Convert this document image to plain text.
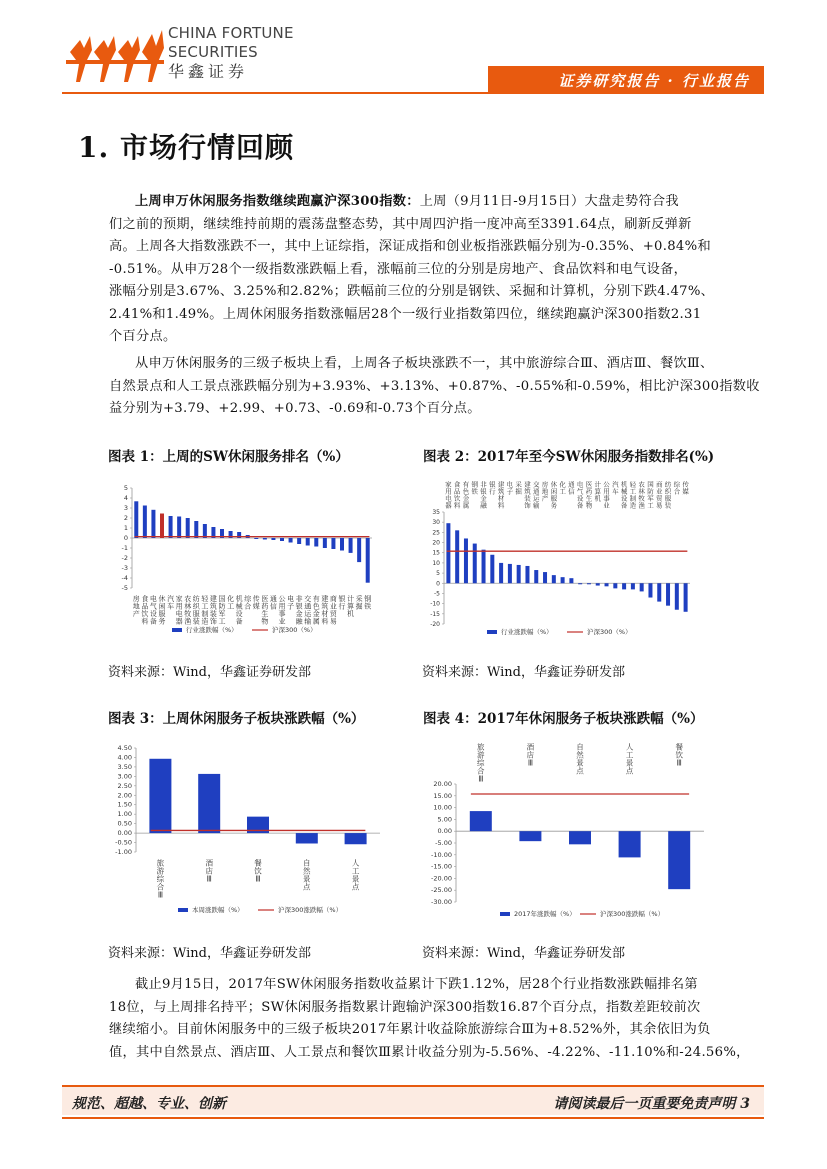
CHINA FORTUNE
SECURITIES
华鑫证券	证券研究报告 · 行业报告
1. 市场行情回顾
上周申万休闲服务指数继续跑赢沪深300指数：上周（9月11日-9月15日）大盘走势符合我
们之前的预期，继续维持前期的震荡盘整态势，其中周四沪指一度冲高至3391.64点，刷新反弹新
高。上周各大指数涨跌不一，其中上证综指，深证成指和创业板指涨跌幅分别为-0.35%、+0.84%和
-0.51%。从申万28个一级指数涨跌幅上看，涨幅前三位的分别是房地产、食品饮料和电气设备，
涨幅分别是3.67%、3.25%和2.82%；跌幅前三位的分别是钢铁、采掘和计算机，分别下跌4.47%、
2.41%和1.49%。上周休闲服务指数涨幅居28个一级行业指数第四位，继续跑赢沪深300指数2.31
个百分点。
从申万休闲服务的三级子板块上看，上周各子板块涨跌不一，其中旅游综合Ⅲ、酒店Ⅲ、餐饮Ⅲ、
自然景点和人工景点涨跌幅分别为+3.93%、+3.13%、+0.87%、-0.55%和-0.59%，相比沪深300指数收
益分别为+3.79、+2.99、+0.73、-0.69和-0.73个百分点。

图表 1：上周的SW休闲服务排名（%）	图表 2：2017年至今SW休闲服务指数排名(%)

5
4
3
2
1
0
-1
-2
-3
-4
-5
房地产
食品饮料
电气设备
休闲服务
汽车
家用电器
农林牧渔
纺织服装
轻工制造
建筑装饰
国防军工
化工
机械设备
综合
传媒
医药生物
通信
公用事业
电子
非银金融
交通运输
有色金属
建筑材料
商业贸易
银行
计算机
采掘
钢铁
行业涨跌幅（%）	沪深300（%）
35
30
25
20
15
10
5
0
-5
-10
-15
-20
家用电器
食品饮料
有色金属
钢铁
非银金融
银行
建筑材料
电子
采掘
建筑装饰
交通运输
房地产
休闲服务
化工
通信
电气设备
医药生物
计算机
公用事业
汽车
机械设备
轻工制造
农林牧渔
国防军工
商业贸易
纺织服装
综合
传媒
行业涨跌幅（%）	沪深300（%）

资料来源：Wind，华鑫证券研发部	资料来源：Wind，华鑫证券研发部

图表 3：上周休闲服务子板块涨跌幅（%）	图表 4：2017年休闲服务子板块涨跌幅（%）

4.50
4.00
3.50
3.00
2.50
2.00
1.50
1.00
0.50
0.00
-0.50
-1.00
旅游综合 Ⅲ
酒店 Ⅲ
餐饮 Ⅲ
自然景点
人工景点
本周涨跌幅（%）	沪深300涨跌幅（%）
20.00
15.00
10.00
5.00
0.00
-5.00
-10.00
-15.00
-20.00
-25.00
-30.00
旅游综合 Ⅲ
酒店 Ⅲ
自然景点
人工景点
餐饮 Ⅲ
2017年涨跌幅（%）	沪深300涨跌幅（%）

资料来源：Wind，华鑫证券研发部	资料来源：Wind，华鑫证券研发部

截止9月15日，2017年SW休闲服务指数收益累计下跌1.12%，居28个行业指数涨跌幅排名第
18位，与上周排名持平；SW休闲服务指数累计跑输沪深300指数16.87个百分点，指数差距较前次
继续缩小。目前休闲服务中的三级子板块2017年累计收益除旅游综合Ⅲ为+8.52%外，其余依旧为负
值，其中自然景点、酒店Ⅲ、人工景点和餐饮Ⅲ累计收益分别为-5.56%、-4.22%、-11.10%和-24.56%，
规范、超越、专业、创新	请阅读最后一页重要免责声明 3
